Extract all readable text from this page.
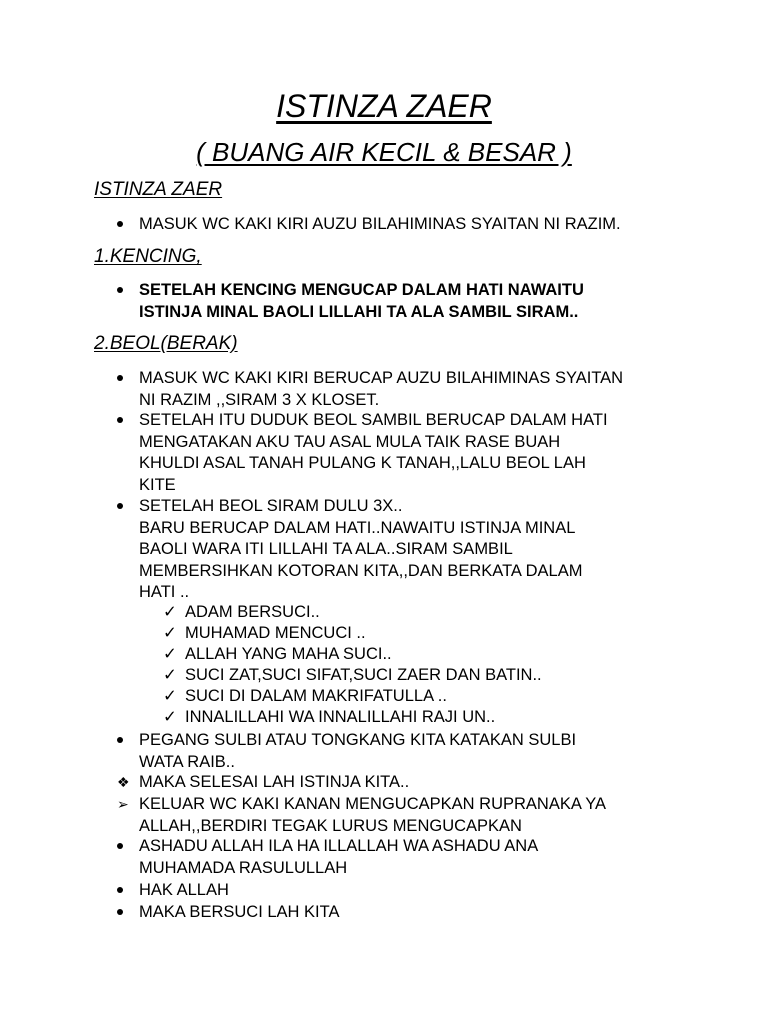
ISTINZA ZAER
( BUANG AIR KECIL & BESAR )
ISTINZA ZAER
MASUK WC KAKI KIRI AUZU BILAHIMINAS SYAITAN NI RAZIM.
1.KENCING,
SETELAH KENCING MENGUCAP DALAM HATI NAWAITU
ISTINJA MINAL BAOLI LILLAHI TA ALA SAMBIL SIRAM..
2.BEOL(BERAK)
MASUK WC KAKI KIRI BERUCAP AUZU BILAHIMINAS SYAITAN
NI RAZIM ,,SIRAM 3 X KLOSET.
SETELAH ITU DUDUK BEOL SAMBIL BERUCAP DALAM HATI
MENGATAKAN AKU TAU ASAL MULA TAIK RASE BUAH
KHULDI ASAL TANAH PULANG K TANAH,,LALU BEOL LAH
KITE
SETELAH BEOL SIRAM DULU 3X..
BARU BERUCAP DALAM HATI..NAWAITU ISTINJA MINAL
BAOLI WARA ITI LILLAHI TA ALA..SIRAM SAMBIL
MEMBERSIHKAN KOTORAN KITA,,DAN BERKATA DALAM
HATI ..
✓ ADAM BERSUCI..
✓ MUHAMAD MENCUCI ..
✓ ALLAH YANG MAHA SUCI..
✓ SUCI ZAT,SUCI SIFAT,SUCI ZAER DAN BATIN..
✓ SUCI DI DALAM MAKRIFATULLA ..
✓ INNALILLAHI WA INNALILLAHI RAJI UN..
PEGANG SULBI ATAU TONGKANG KITA KATAKAN SULBI
WATA RAIB..
❖ MAKA SELESAI LAH ISTINJA KITA..
➢ KELUAR WC KAKI KANAN MENGUCAPKAN RUPRANAKA YA
ALLAH,,BERDIRI TEGAK LURUS MENGUCAPKAN
ASHADU ALLAH ILA HA ILLALLAH WA ASHADU ANA
MUHAMADA RASULULLAH
HAK ALLAH
MAKA BERSUCI LAH KITA
